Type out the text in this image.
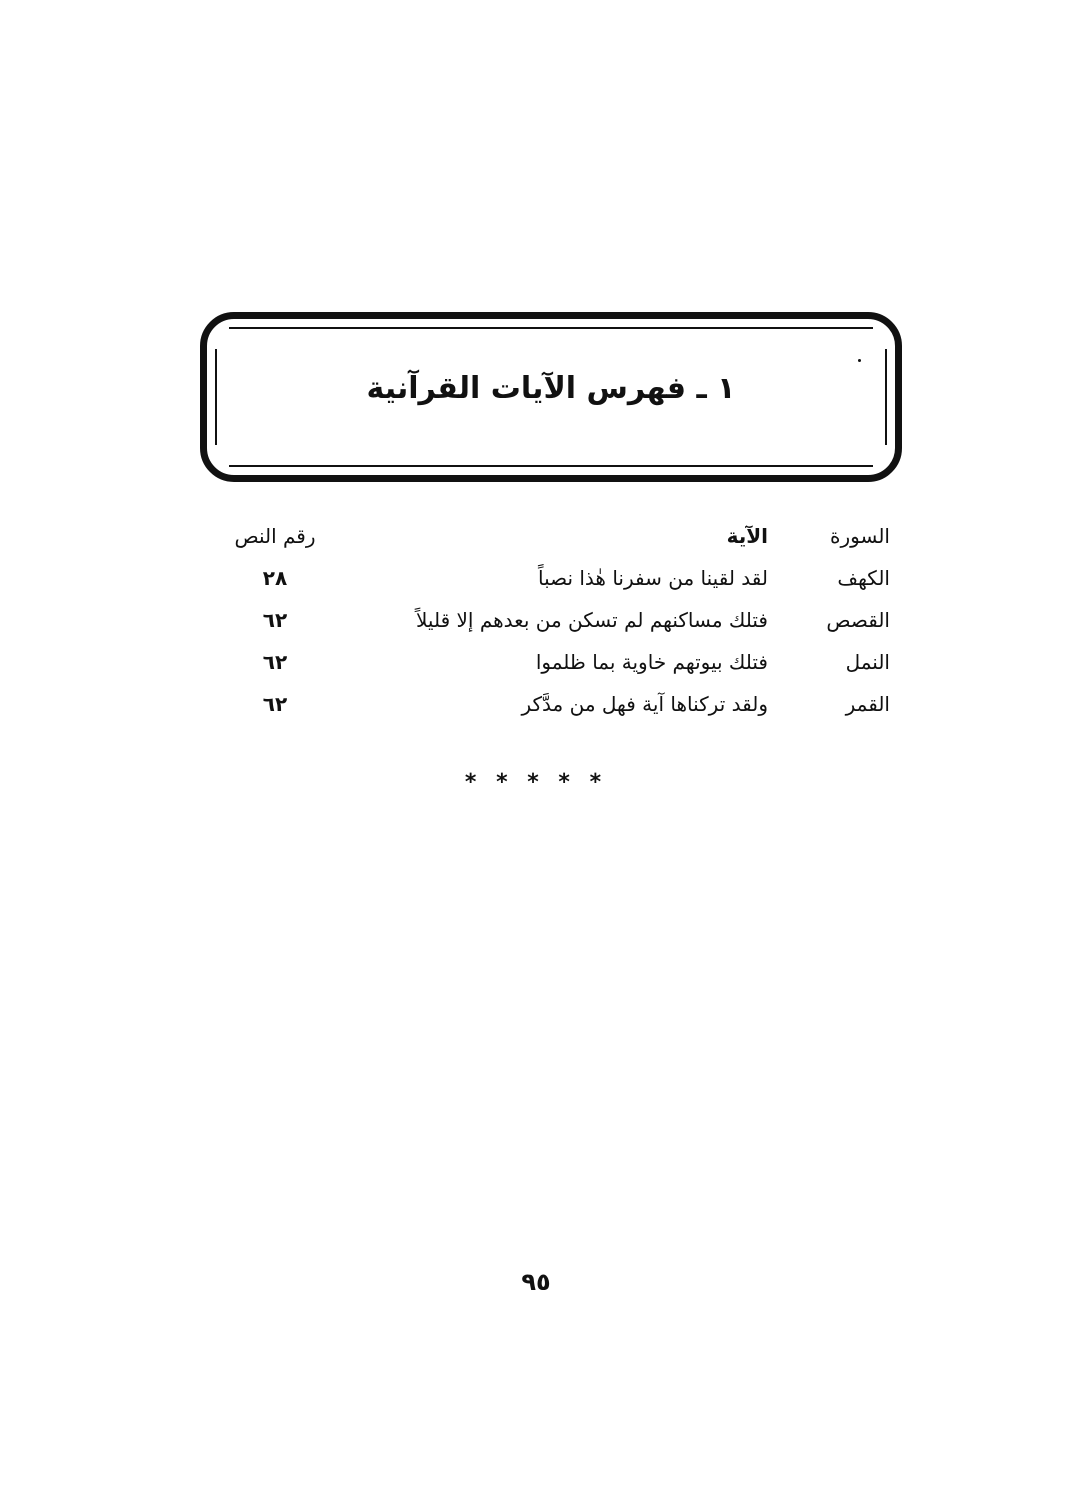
١ ـ فهرس الآيات القرآنية
السورة
الآية
رقم النص
الكهف
لقد لقينا من سفرنا هٰذا نصباً
٢٨
القصص
فتلك مساكنهم لم تسكن من بعدهم إلا قليلاً
٦٢
النمل
فتلك بيوتهم خاوية بما ظلموا
٦٢
القمر
ولقد تركناها آية فهل من مدَّكر
٦٢
* * * * *
٩٥
